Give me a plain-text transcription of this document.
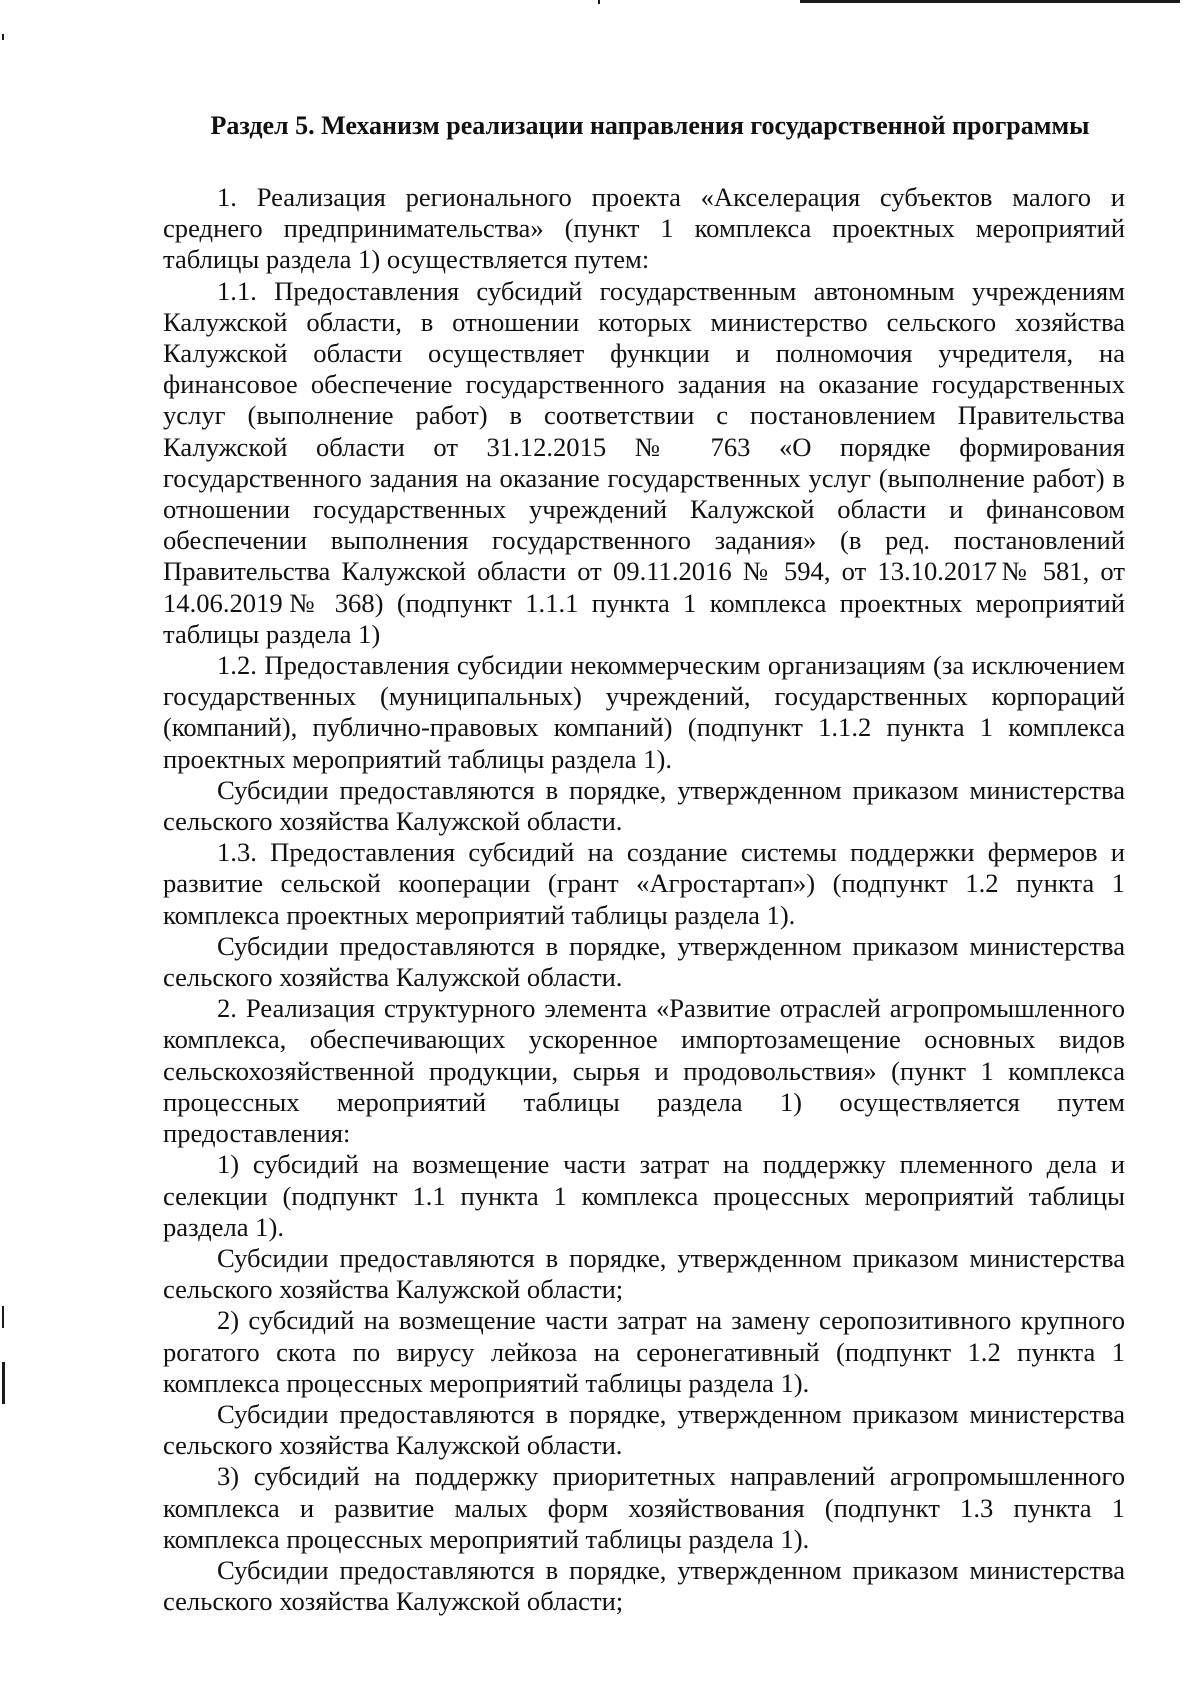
Раздел 5. Механизм реализации направления государственной программы

1. Реализация регионального проекта «Акселерация субъектов малого и среднего предпринимательства» (пункт 1 комплекса проектных мероприятий таблицы раздела 1) осуществляется путем:

1.1. Предоставления субсидий государственным автономным учреждениям Калужской области, в отношении которых министерство сельского хозяйства Калужской области осуществляет функции и полномочия учредителя, на финансовое обеспечение государственного задания на оказание государственных услуг (выполнение работ) в соответствии с постановлением Правительства Калужской области от 31.12.2015 № 763 «О порядке формирования государственного задания на оказание государственных услуг (выполнение работ) в отношении государственных учреждений Калужской области и финансовом обеспечении выполнения государственного задания» (в ред. постановлений Правительства Калужской области от 09.11.2016 № 594, от 13.10.2017№ 581, от 14.06.2019№ 368) (подпункт 1.1.1 пункта 1 комплекса проектных мероприятий таблицы раздела 1)

1.2. Предоставления субсидии некоммерческим организациям (за исключением государственных (муниципальных) учреждений, государственных корпораций (компаний), публично-правовых компаний) (подпункт 1.1.2 пункта 1 комплекса проектных мероприятий таблицы раздела 1).

Субсидии предоставляются в порядке, утвержденном приказом министерства сельского хозяйства Калужской области.

1.3. Предоставления субсидий на создание системы поддержки фермеров и развитие сельской кооперации (грант «Агростартап») (подпункт 1.2 пункта 1 комплекса проектных мероприятий таблицы раздела 1).

Субсидии предоставляются в порядке, утвержденном приказом министерства сельского хозяйства Калужской области.

2. Реализация структурного элемента «Развитие отраслей агропромышленного комплекса, обеспечивающих ускоренное импортозамещение основных видов сельскохозяйственной продукции, сырья и продовольствия» (пункт 1 комплекса процессных мероприятий таблицы раздела 1) осуществляется путем предоставления:

1) субсидий на возмещение части затрат на поддержку племенного дела и селекции (подпункт 1.1 пункта 1 комплекса процессных мероприятий таблицы раздела 1).

Субсидии предоставляются в порядке, утвержденном приказом министерства сельского хозяйства Калужской области;

2) субсидий на возмещение части затрат на замену серопозитивного крупного рогатого скота по вирусу лейкоза на серонегативный (подпункт 1.2 пункта 1 комплекса процессных мероприятий таблицы раздела 1).

Субсидии предоставляются в порядке, утвержденном приказом министерства сельского хозяйства Калужской области.

3) субсидий на поддержку приоритетных направлений агропромышленного комплекса и развитие малых форм хозяйствования (подпункт 1.3 пункта 1 комплекса процессных мероприятий таблицы раздела 1).

Субсидии предоставляются в порядке, утвержденном приказом министерства сельского хозяйства Калужской области;
